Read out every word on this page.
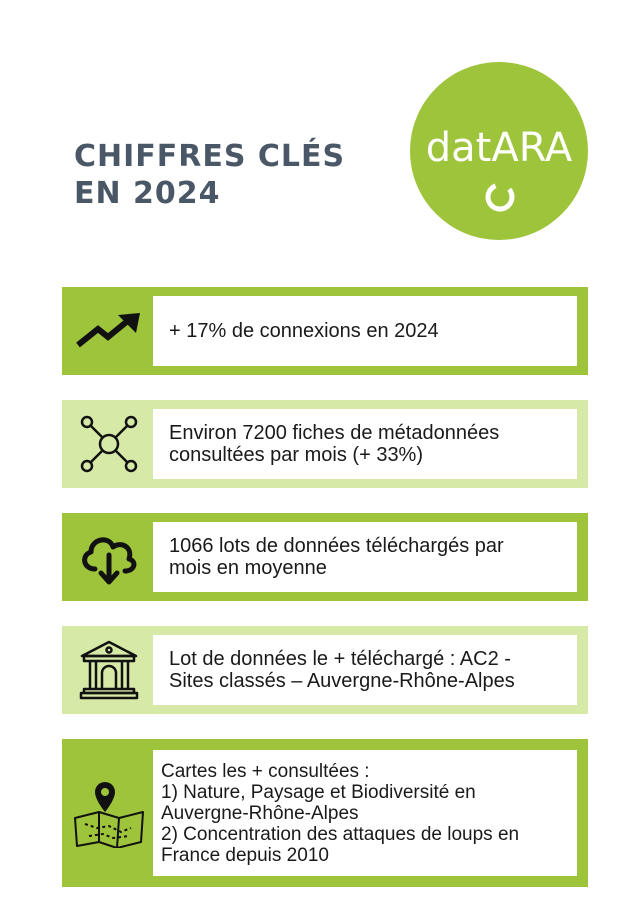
CHIFFRES CLÉS
EN 2024
datARA
+ 17% de connexions en 2024
Environ 7200 fiches de métadonnées
consultées par mois (+ 33%)
1066 lots de données téléchargés par
mois en moyenne
Lot de données le + téléchargé : AC2 -
Sites classés – Auvergne-Rhône-Alpes
Cartes les + consultées :
1) Nature, Paysage et Biodiversité en
Auvergne-Rhône-Alpes
2) Concentration des attaques de loups en
France depuis 2010
